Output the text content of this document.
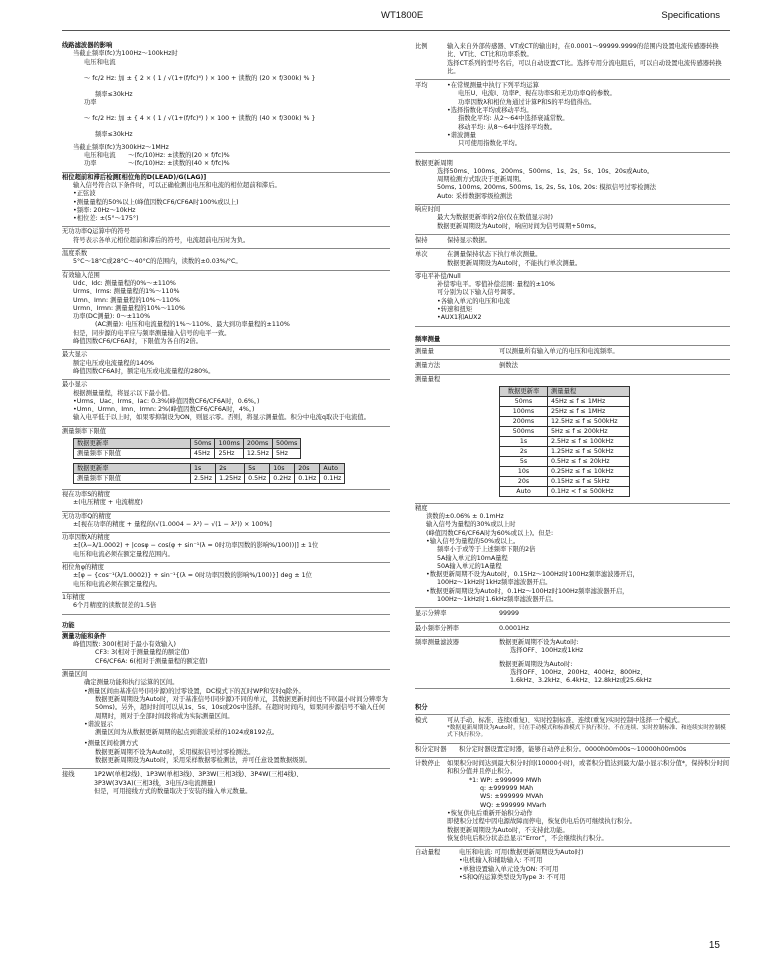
WT1800E	Specifications
线路滤波器的影响
当截止频率(fc)为100Hz～100kHz时
电压和电流
～ fc/2 Hz: 加 ± { 2 × ( 1 / √(1+(f/fc)⁴) ) × 100 + 读数的 (20 × f/300k) % }
频率≤30kHz
功率
～ fc/2 Hz: 加 ± { 4 × ( 1 / √(1+(f/fc)⁴) ) × 100 + 读数的 (40 × f/300k) % }
频率≤30kHz
当截止频率(fc)为300kHz～1MHz
电压和电流　　～(fc/10)Hz: ±读数的(20 × f/fc)%
功率　　　　　～(fc/10)Hz: ±读数的(40 × f/fc)%
相位超前和滞后检测[相位角的D(LEAD)/G(LAG)]
输入信号符合以下条件时，可以正确检测出电压和电流的相位超前和滞后。
• 正弦波
• 测量量程的50%以上(峰值因数CF6/CF6A时100%或以上)
• 频率: 20Hz～10kHz
• 相位差: ±(5°～175°)
无功功率Q运算中的符号
符号表示各单元相位超前和滞后的符号，电流超前电压时为负。
温度系数
5°C～18°C或28°C～40°C的范围内，读数的±0.03%/°C。
有效输入范围
Udc、Idc: 测量量程的0%～±110%
Urms、Irms: 测量量程的1%～110%
Umn、Imn: 测量量程的10%～110%
Urmn、Irmn: 测量量程的10%～110%
功率(DC测量): 0～±110%
(AC测量): 电压和电流量程的1%～110%、最大到功率量程的±110%
但是，同步源的电平应与频率测量输入信号的电平一致。
峰值因数CF6/CF6A时，下限值为各自的2倍。
最大显示
额定电压或电流量程的140%
峰值因数CF6A时，额定电压或电流量程的280%。
最小显示
根据测量量程，将显示以下最小值。
• Urms、Uac、Irms、Iac: 0.3%(峰值因数CF6/CF6A时，0.6%。)
• Umn、Urmn、Imn、Irmn: 2%(峰值因数CF6/CF6A时，4%。)
输入电平低于以上时，如果零抑制设为ON，则显示零。否则，将显示测量值。积分中电流q取决于电流值。
测量频率下限值
数据更新率	50ms	100ms	200ms	500ms
测量频率下限值	45Hz	25Hz	12.5Hz	5Hz
数据更新率	1s	2s	5s	10s	20s	Auto
测量频率下限值	2.5Hz	1.25Hz	0.5Hz	0.2Hz	0.1Hz	0.1Hz
视在功率S的精度
±(电压精度 + 电流精度)
无功功率Q的精度
±[视在功率的精度 + 量程的(√(1.0004 − λ²) − √(1 − λ²)) × 100%]
功率因数λ的精度
±[(λ−λ/1.0002) + |cosφ − cos(φ + sin⁻¹(λ = 0时功率因数的影响%/100))|] ± 1位
电压和电流必须在额定量程范围内。
相位角φ的精度
±[φ − {cos⁻¹(λ/1.0002)} + sin⁻¹{(λ = 0时功率因数的影响%/100)}] deg ± 1位
电压和电流必须在额定量程内。
1年精度
6个月精度的读数误差的1.5倍
功能
测量功能和条件
峰值因数: 300(相对于最小有效输入)
CF3: 3(相对于测量量程的额定值)
CF6/CF6A: 6(相对于测量量程的额定值)
测量区间
确定测量功能和执行运算的区间。
• 测量区间由基准信号(同步源)的过零设置，DC模式下的瓦时WP和安时q除外。
数据更新周期设为Auto时，对于基准信号(同步源)不同的单元，其数据更新时间也不同(最小时间分辨率为50ms)。另外，超时时间可以从1s、5s、10s或20s中选择。在超时时间内，如果同步源信号不输入任何周期时，则对于全部时间段将成为实际测量区间。
• 谐波显示
测量区间为从数据更新周期的起点到谐波采样的1024或8192点。
• 测量区间检测方式
数据更新周期不设为Auto时，采用模拟信号过零检测法。
数据更新周期设为Auto时，采用采样数据零检测法，并可任意设置数据级别。
接线	1P2W(单相2线)、1P3W(单相3线)、3P3W(三相3线)、3P4W(三相4线)、
3P3W(3V3A)(三相3线，3电压/3电流测量)
但是，可用接线方式的数量取决于安装的输入单元数量。
比例	输入来自外部传感器、VT或CT的输出时，在0.0001～99999.9999的范围内设置电流传感器转换比、VT比、CT比和功率系数。
选择CT系列的型号名后，可以自动设置CT比。选择专用分流电阻后，可以自动设置电流传感器转换比。
平均	• 在常规测量中执行下列平均运算
电压U、电流I、功率P、视在功率S和无功功率Q的参数。
功率因数λ和相位角通过计算P和S的平均值得出。
• 选择指数化平均或移动平均。
指数化平均: 从2～64中选择衰减常数。
移动平均: 从8～64中选择平均数。
• 谐波测量
只可使用指数化平均。
数据更新周期
选择50ms、100ms、200ms、500ms、1s、2s、5s、10s、20s或Auto。
周期检测方式取决于更新周期。
50ms, 100ms, 200ms, 500ms, 1s, 2s, 5s, 10s, 20s: 模拟信号过零检测法
Auto: 采样数据零级检测法
响应时间
最大为数据更新率的2倍(仅在数值显示时)
数据更新周期设为Auto时，响应时间为信号周期+50ms。
保持	保持显示数据。
单次	在测量保持状态下执行单次测量。
数据更新周期设为Auto时，不能执行单次测量。
零电平补偿/Null
补偿零电平。零值补偿范围: 量程的±10%
可分别为以下输入信号调零。
• 各输入单元的电压和电流
• 转速和扭矩
• AUX1和AUX2
频率测量
测量量	可以测量所有输入单元的电压和电流频率。
测量方法	倒数法
测量量程
数据更新率	测量量程
50ms	45Hz ≤ f ≤ 1MHz
100ms	25Hz ≤ f ≤ 1MHz
200ms	12.5Hz ≤ f ≤ 500kHz
500ms	5Hz ≤ f ≤ 200kHz
1s	2.5Hz ≤ f ≤ 100kHz
2s	1.25Hz ≤ f ≤ 50kHz
5s	0.5Hz ≤ f ≤ 20kHz
10s	0.25Hz ≤ f ≤ 10kHz
20s	0.15Hz ≤ f ≤ 5kHz
Auto	0.1Hz < f ≤ 500kHz
精度
读数的±0.06% ± 0.1mHz
输入信号为量程的30%或以上时
(峰值因数CF6/CF6A时为60%或以上)。但是:
• 输入信号为量程的50%或以上。
频率小于或等于上述频率下限的2倍
5A输入单元的10mA量程
50A输入单元的1A量程
• 数据更新周期不设为Auto时，0.15Hz～100Hz时100Hz频率滤波器开启，
100Hz～1kHz时1kHz频率滤波器开启。
• 数据更新周期设为Auto时，0.1Hz～100Hz时100Hz频率滤波器开启，
100Hz～1kHz时1.6kHz频率滤波器开启。
显示分辨率	99999
最小频率分辨率	0.0001Hz
频率测量滤波器	数据更新周期不设为Auto时:
选择OFF、100Hz或1kHz
数据更新周期设为Auto时:
选择OFF、100Hz、200Hz、400Hz、800Hz、
1.6kHz、3.2kHz、6.4kHz、12.8kHz或25.6kHz
积分
模式	可从手动、标准、连续(重复)、实时控制标准、连续(重复)实时控制中选择一个模式。
*数据更新周期设为Auto时，只在手动模式和标准模式下执行积分。不在连续、实时控制标准、和连续实时控制模式下执行积分。
积分定时器	积分定时器设置定时器，能够自动停止积分。0000h00m00s～10000h00m00s
计数停止	如果积分时间达到最大积分时间(10000小时)，或者积分值达到最大/最小显示积分值*，保持积分时间和积分值并且停止积分。
*1: WP: ±999999 MWh
q: ±999999 MAh
WS: ±999999 MVAh
WQ: ±999999 MVarh
• 恢复供电后重新开始积分动作
即使积分过程中因电源故障而停电，恢复供电后仍可继续执行积分。
数据更新周期设为Auto时，不支持此功能。
恢复供电后积分状态总显示“Error”，不会继续执行积分。
自动量程	电压和电流: 可用(数据更新周期设为Auto时)
• 电机输入和辅助输入: 不可用
• 单独设置输入单元设为ON: 不可用
• S和Q的运算类型设为Type 3: 不可用
15
